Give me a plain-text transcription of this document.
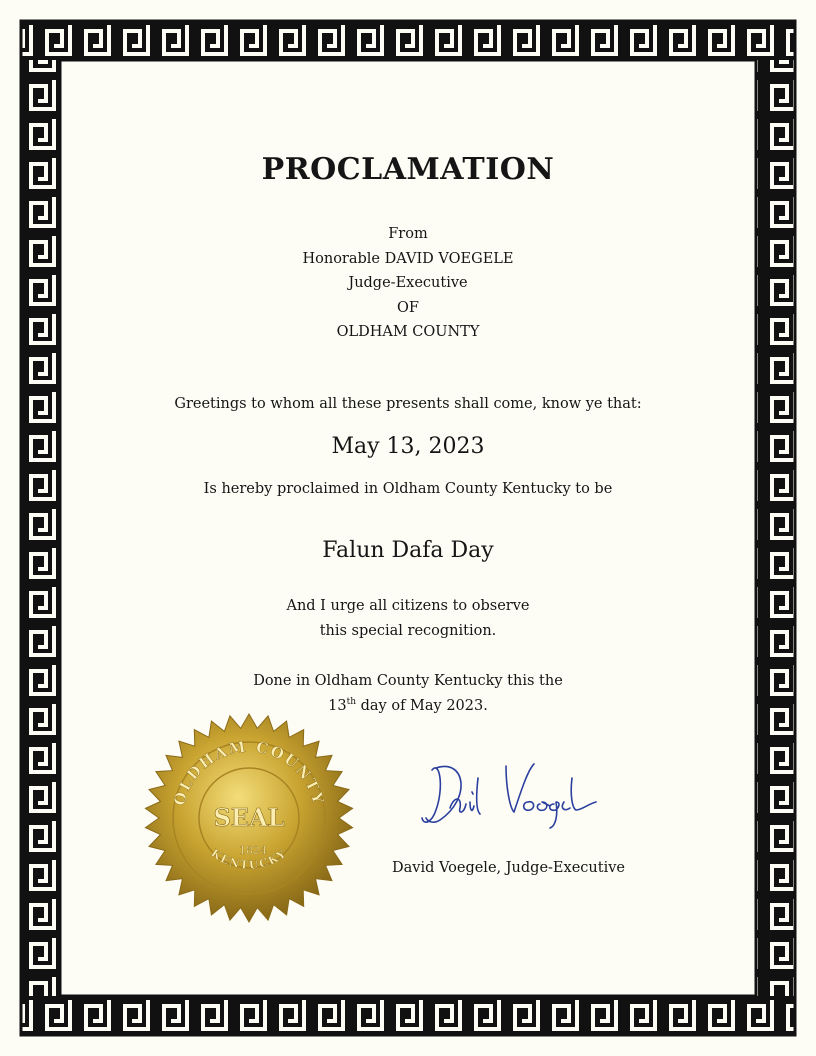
PROCLAMATION
From
Honorable DAVID VOEGELE
Judge-Executive
OF
OLDHAM COUNTY
Greetings to whom all these presents shall come, know ye that:
May 13, 2023
Is hereby proclaimed in Oldham County Kentucky to be
Falun Dafa Day
And I urge all citizens to observe
this special recognition.
Done in Oldham County Kentucky this the
13th day of May 2023.
David Voegele, Judge-Executive
OLDHAM COUNTY
SEAL
1824
KENTUCKY
